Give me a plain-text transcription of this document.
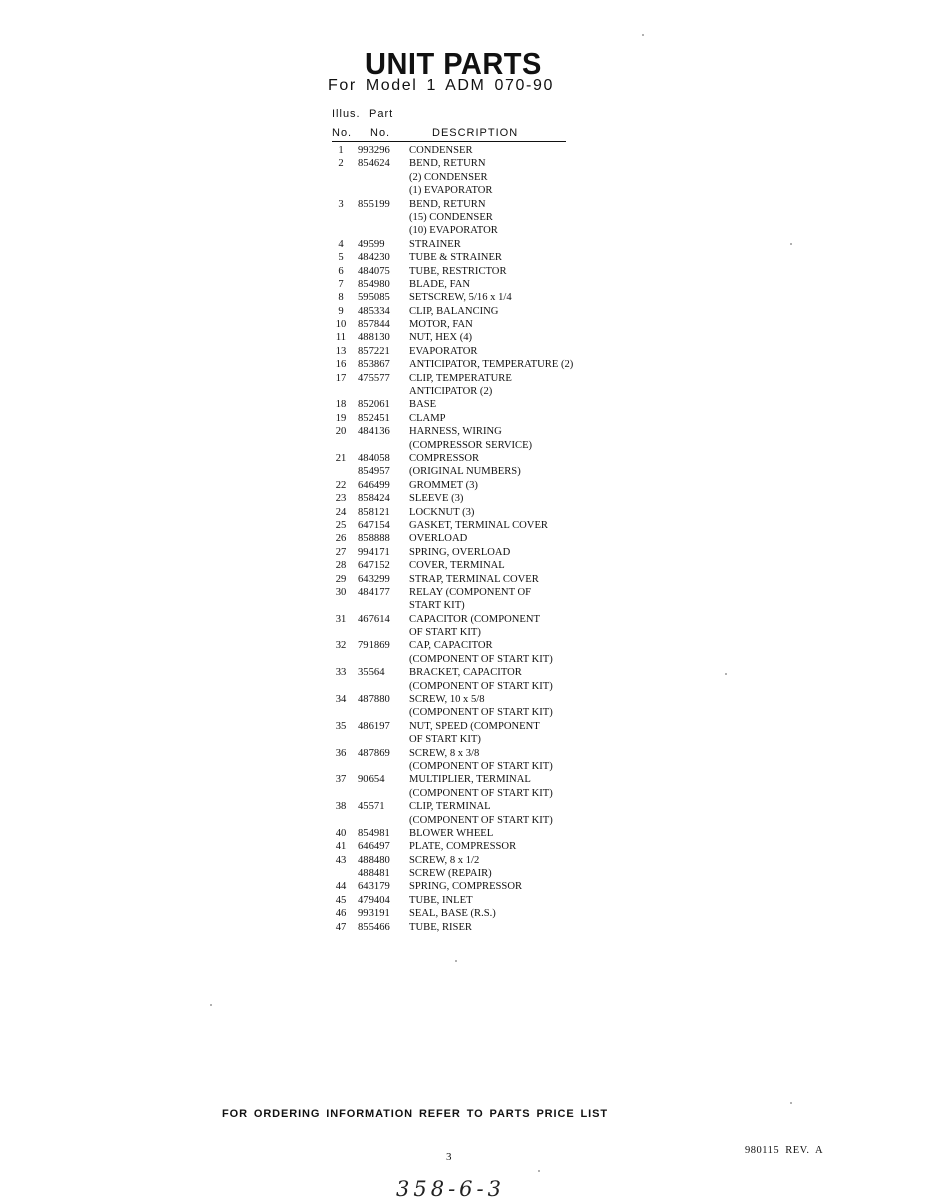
UNIT PARTS
For Model 1 ADM 070-90
Illus. Part
No. No.	DESCRIPTION
1	993296 CONDENSER
2	854624 BEND, RETURN
(2) CONDENSER
(1) EVAPORATOR
3	855199 BEND, RETURN
(15) CONDENSER
(10) EVAPORATOR
4	49599 STRAINER
5	484230 TUBE & STRAINER
6	484075 TUBE, RESTRICTOR
7	854980 BLADE, FAN
8	595085 SETSCREW, 5/16 x 1/4
9	485334 CLIP, BALANCING
10 857844 MOTOR, FAN
11 488130 NUT, HEX (4)
13 857221 EVAPORATOR
16 853867 ANTICIPATOR, TEMPERATURE (2)
17 475577 CLIP, TEMPERATURE
ANTICIPATOR (2)
18 852061 BASE
19 852451 CLAMP
20 484136 HARNESS, WIRING
(COMPRESSOR SERVICE)
21 484058 COMPRESSOR
854957 (ORIGINAL NUMBERS)
22 646499 GROMMET (3)
23 858424 SLEEVE (3)
24 858121 LOCKNUT (3)
25 647154 GASKET, TERMINAL COVER
26 858888 OVERLOAD
27 994171 SPRING, OVERLOAD
28 647152 COVER, TERMINAL
29 643299 STRAP, TERMINAL COVER
30 484177 RELAY (COMPONENT OF
START KIT)
31 467614 CAPACITOR (COMPONENT
OF START KIT)
32 791869 CAP, CAPACITOR
(COMPONENT OF START KIT)
33 35564 BRACKET, CAPACITOR
(COMPONENT OF START KIT)
34 487880 SCREW, 10 x 5/8
(COMPONENT OF START KIT)
35 486197 NUT, SPEED (COMPONENT
OF START KIT)
36 487869 SCREW, 8 x 3/8
(COMPONENT OF START KIT)
37 90654 MULTIPLIER, TERMINAL
(COMPONENT OF START KIT)
38 45571 CLIP, TERMINAL
(COMPONENT OF START KIT)
40 854981 BLOWER WHEEL
41 646497 PLATE, COMPRESSOR
43 488480 SCREW, 8 x 1/2
488481 SCREW (REPAIR)
44 643179 SPRING, COMPRESSOR
45 479404 TUBE, INLET
46 993191 SEAL, BASE (R.S.)
47 855466 TUBE, RISER
FOR ORDERING INFORMATION REFER TO PARTS PRICE LIST
3
980115 REV. A
358-6-3
